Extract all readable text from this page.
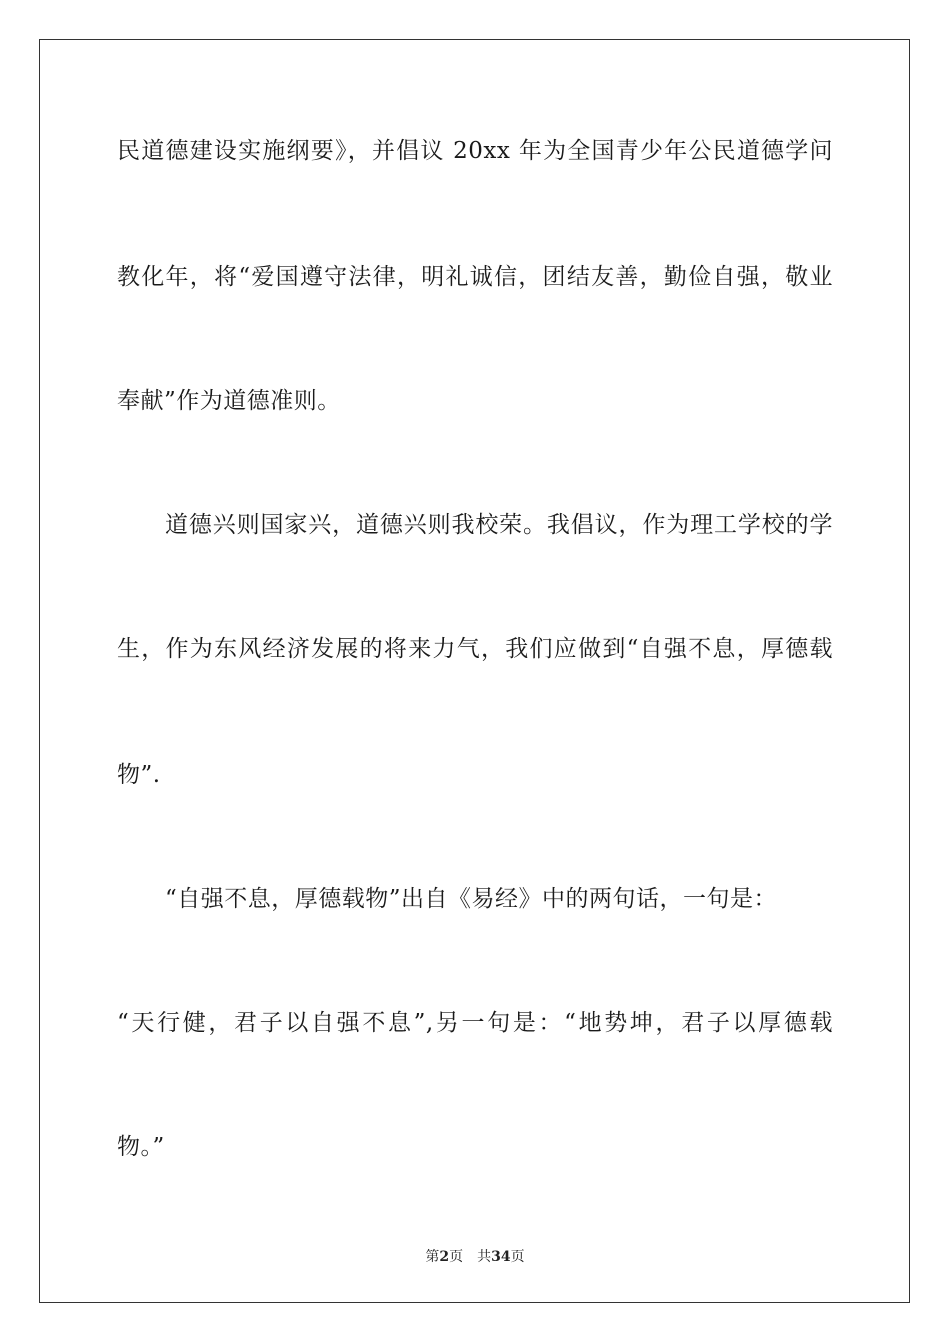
民道德建设实施纲要》，并倡议 20xx 年为全国青少年公民道德学问
教化年，将“爱国遵守法律，明礼诚信，团结友善，勤俭自强，敬业
奉献”作为道德准则。
道德兴则国家兴，道德兴则我校荣。我倡议，作为理工学校的学
生，作为东风经济发展的将来力气，我们应做到“自强不息，厚德载
物”.
“自强不息，厚德载物”出自《易经》中的两句话，一句是：
“天行健，君子以自强不息”,另一句是：“地势坤，君子以厚德载
物。”
第2页 共34页
